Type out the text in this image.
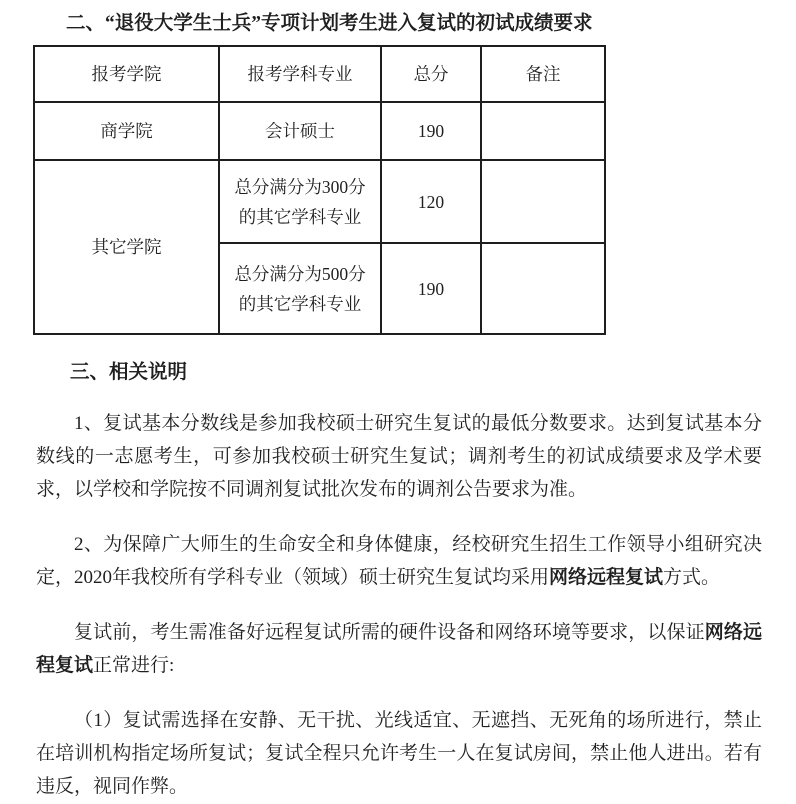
二、“退役大学生士兵”专项计划考生进入复试的初试成绩要求
报考学院	报考学科专业	总分	备注
商学院	会计硕士	190	
其它学院	总分满分为300分的其它学科专业	120	
	总分满分为500分的其它学科专业	190	
三、相关说明

1、复试基本分数线是参加我校硕士研究生复试的最低分数要求。达到复试基本分数线的一志愿考生，可参加我校硕士研究生复试；调剂考生的初试成绩要求及学术要求，以学校和学院按不同调剂复试批次发布的调剂公告要求为准。

2、为保障广大师生的生命安全和身体健康，经校研究生招生工作领导小组研究决定，2020年我校所有学科专业（领域）硕士研究生复试均采用网络远程复试方式。

复试前，考生需准备好远程复试所需的硬件设备和网络环境等要求，以保证网络远程复试正常进行:

（1）复试需选择在安静、无干扰、光线适宜、无遮挡、无死角的场所进行，禁止在培训机构指定场所复试；复试全程只允许考生一人在复试房间，禁止他人进出。若有违反，视同作弊。
